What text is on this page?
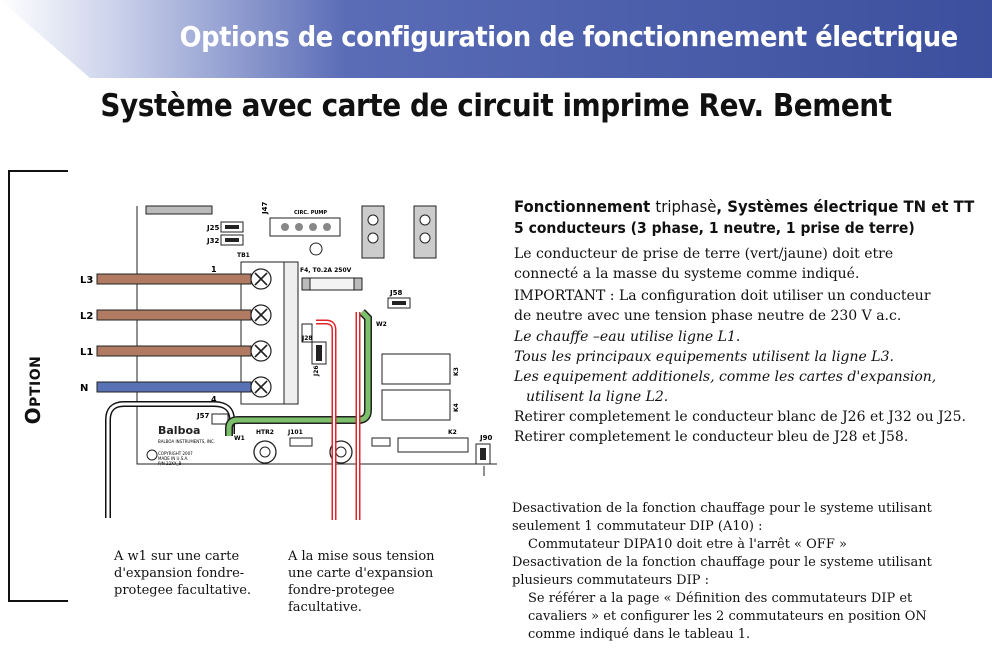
Options de configuration de fonctionnement électrique
Système avec carte de circuit imprime Rev. Bement
Option
J25
J32
J47	CIRC. PUMP
TB1
1
4
F4, T0.2A 250V
J58
W2
J28
J26	K3
K4
K2
J90
HTR2 J101
Balboa
BALBOA INSTRUMENTS, INC.
COPYRIGHT 2007
MADE IN U.S.A.
P/N 22XX_B
J57
W1
L3
L2
L1
N
A w1 sur une carte
d'expansion fondre-
protegee facultative.
A la mise sous tension
une carte d'expansion
fondre-protegee
facultative.
Fonctionnement triphasè, Systèmes électrique TN et TT
5 conducteurs (3 phase, 1 neutre, 1 prise de terre)
Le conducteur de prise de terre (vert/jaune) doit etre
connecté a la masse du systeme comme indiqué.
IMPORTANT : La configuration doit utiliser un conducteur
de neutre avec une tension phase neutre de 230 V a.c.
Le chauffe –eau utilise ligne L1.
Tous les principaux equipements utilisent la ligne L3.
Les equipement additionels, comme les cartes d'expansion,
utilisent la ligne L2.
Retirer completement le conducteur blanc de J26 et J32 ou J25.
Retirer completement le conducteur bleu de J28 et J58.
Desactivation de la fonction chauffage pour le systeme utilisant
seulement 1 commutateur DIP (A10) :
Commutateur DIPA10 doit etre à l'arrêt « OFF »
Desactivation de la fonction chauffage pour le systeme utilisant
plusieurs commutateurs DIP :
Se référer a la page « Définition des commutateurs DIP et
cavaliers » et configurer les 2 commutateurs en position ON
comme indiqué dans le tableau 1.
